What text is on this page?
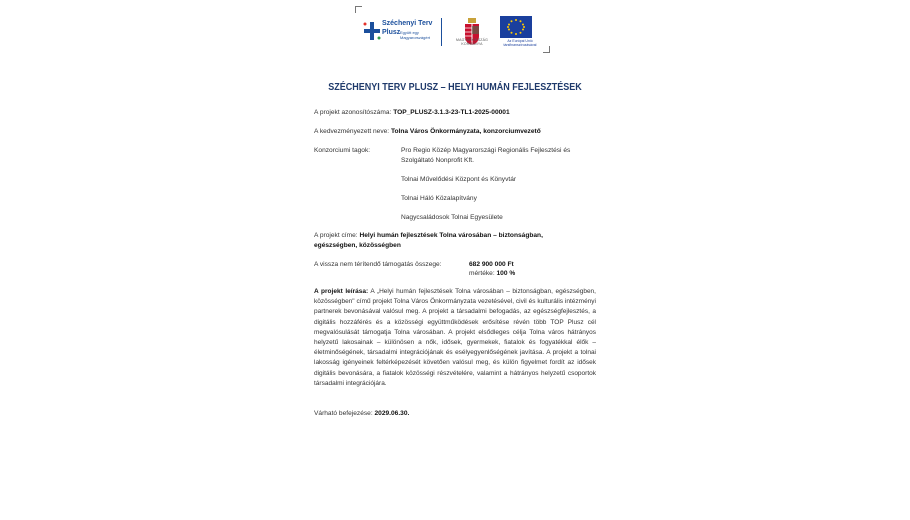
Széchenyi Terv
Plusz Együtt egy Magyarországért	MAGYARORSZÁG KORMÁNYA
Az Európai Unió társfinanszírozásával
SZÉCHENYI TERV PLUSZ – HELYI HUMÁN FEJLESZTÉSEK
A projekt azonosítószáma: TOP_PLUSZ-3.1.3-23-TL1-2025-00001
A kedvezményezett neve: Tolna Város Önkormányzata, konzorciumvezető
Konzorciumi tagok:	Pro Regio Közép Magyarországi Regionális Fejlesztési és Szolgáltató Nonprofit Kft.
Tolnai Művelődési Központ és Könyvtár
Tolnai Háló Közalapítvány
Nagycsaládosok Tolnai Egyesülete
A projekt címe: Helyi humán fejlesztések Tolna városában – biztonságban,
egészségben, közösségben
A vissza nem térítendő támogatás összege:	682 900 000 Ft
mértéke: 100 %
A projekt leírása: A „Helyi humán fejlesztések Tolna városában – biztonságban, egészségben, közösségben" című projekt Tolna Város Önkormányzata vezetésével, civil és kulturális intézményi partnerek bevonásával valósul meg. A projekt a társadalmi befogadás, az egészségfejlesztés, a digitális hozzáférés és a közösségi együttműködések erősítése révén több TOP Plusz cél megvalósulását támogatja Tolna városában. A projekt elsődleges célja Tolna város hátrányos helyzetű lakosainak – különösen a nők, idősek, gyermekek, fiatalok és fogyatékkal élők – életminőségének, társadalmi integrációjának és esélyegyenlőségének javítása. A projekt a tolnai lakosság igényeinek feltérképezését követően valósul meg, és külön figyelmet fordít az idősek digitális bevonására, a fiatalok közösségi részvételére, valamint a hátrányos helyzetű csoportok társadalmi integrációjára.
Várható befejezése: 2029.06.30.
